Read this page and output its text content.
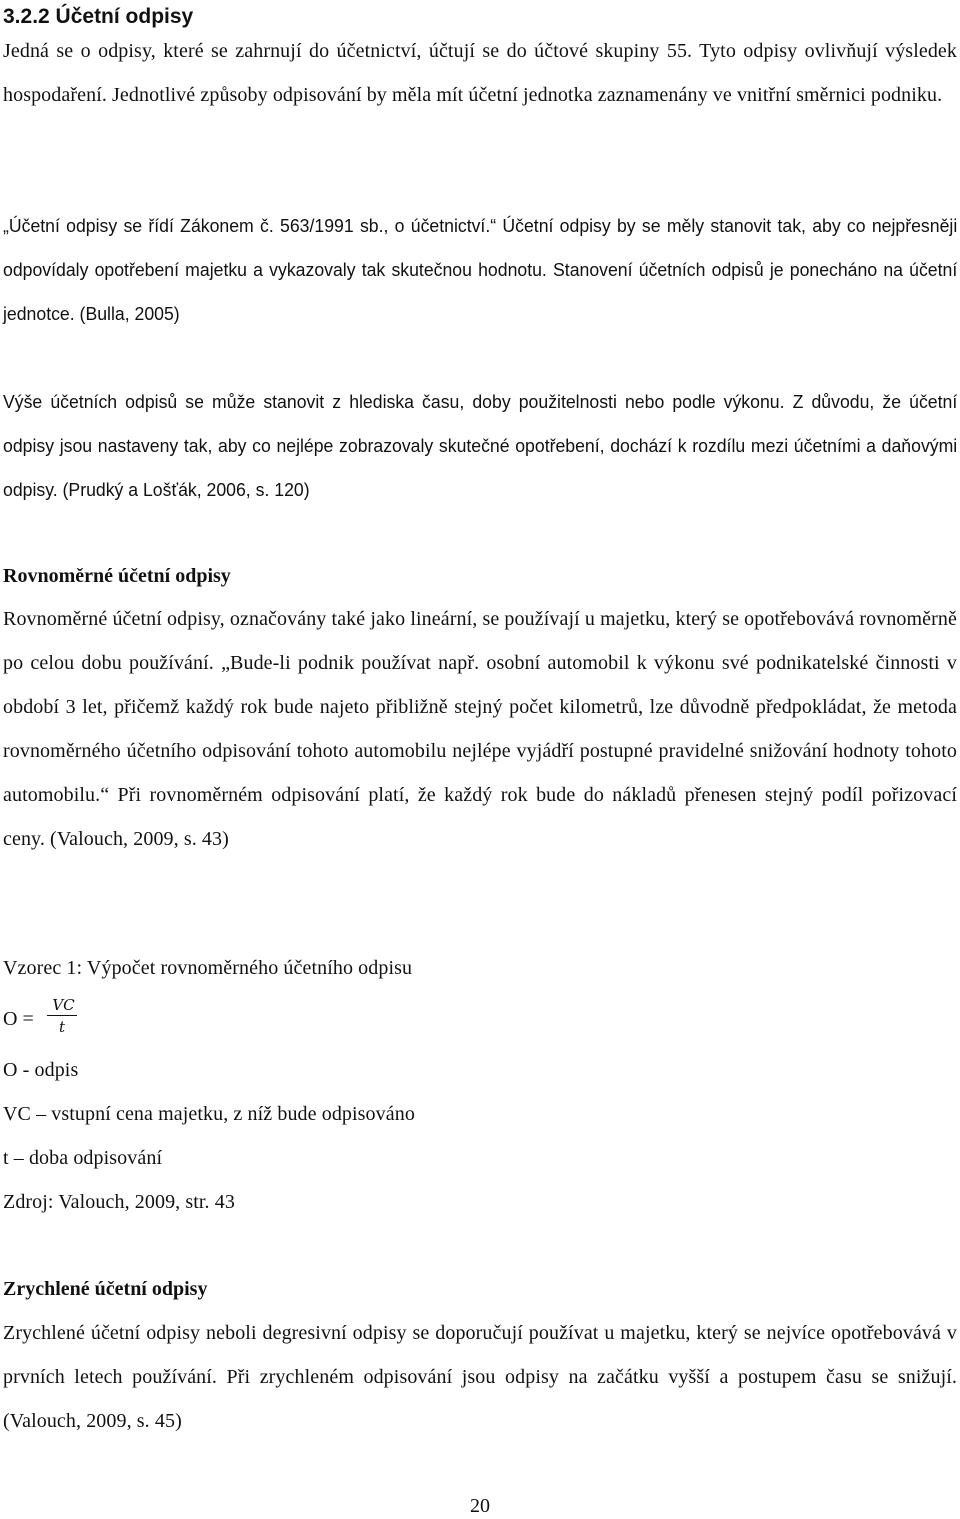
3.2.2 Účetní odpisy

Jedná se o odpisy, které se zahrnují do účetnictví, účtují se do účtové skupiny 55. Tyto odpisy ovlivňují výsledek hospodaření. Jednotlivé způsoby odpisování by měla mít účetní jednotka zaznamenány ve vnitřní směrnici podniku.

„Účetní odpisy se řídí Zákonem č. 563/1991 sb., o účetnictví.“ Účetní odpisy by se měly stanovit tak, aby co nejpřesněji odpovídaly opotřebení majetku a vykazovaly tak skutečnou hodnotu. Stanovení účetních odpisů je ponecháno na účetní jednotce. (Bulla, 2005)

Výše účetních odpisů se může stanovit z hlediska času, doby použitelnosti nebo podle výkonu. Z důvodu, že účetní odpisy jsou nastaveny tak, aby co nejlépe zobrazovaly skutečné opotřebení, dochází k rozdílu mezi účetními a daňovými odpisy. (Prudký a Lošťák, 2006, s. 120)

Rovnoměrné účetní odpisy

Rovnoměrné účetní odpisy, označovány také jako lineární, se používají u majetku, který se opotřebovává rovnoměrně po celou dobu používání. „Bude-li podnik používat např. osobní automobil k výkonu své podnikatelské činnosti v období 3 let, přičemž každý rok bude najeto přibližně stejný počet kilometrů, lze důvodně předpokládat, že metoda rovnoměrného účetního odpisování tohoto automobilu nejlépe vyjádří postupné pravidelné snižování hodnoty tohoto automobilu.“ Při rovnoměrném odpisování platí, že každý rok bude do nákladů přenesen stejný podíl pořizovací ceny. (Valouch, 2009, s. 43)

Vzorec 1: Výpočet rovnoměrného účetního odpisu
O =
VC
t
O - odpis
VC – vstupní cena majetku, z níž bude odpisováno
t – doba odpisování
Zdroj: Valouch, 2009, str. 43
Zrychlené účetní odpisy

Zrychlené účetní odpisy neboli degresivní odpisy se doporučují používat u majetku, který se nejvíce opotřebovává v prvních letech používání. Při zrychleném odpisování jsou odpisy na začátku vyšší a postupem času se snižují. (Valouch, 2009, s. 45)

20
